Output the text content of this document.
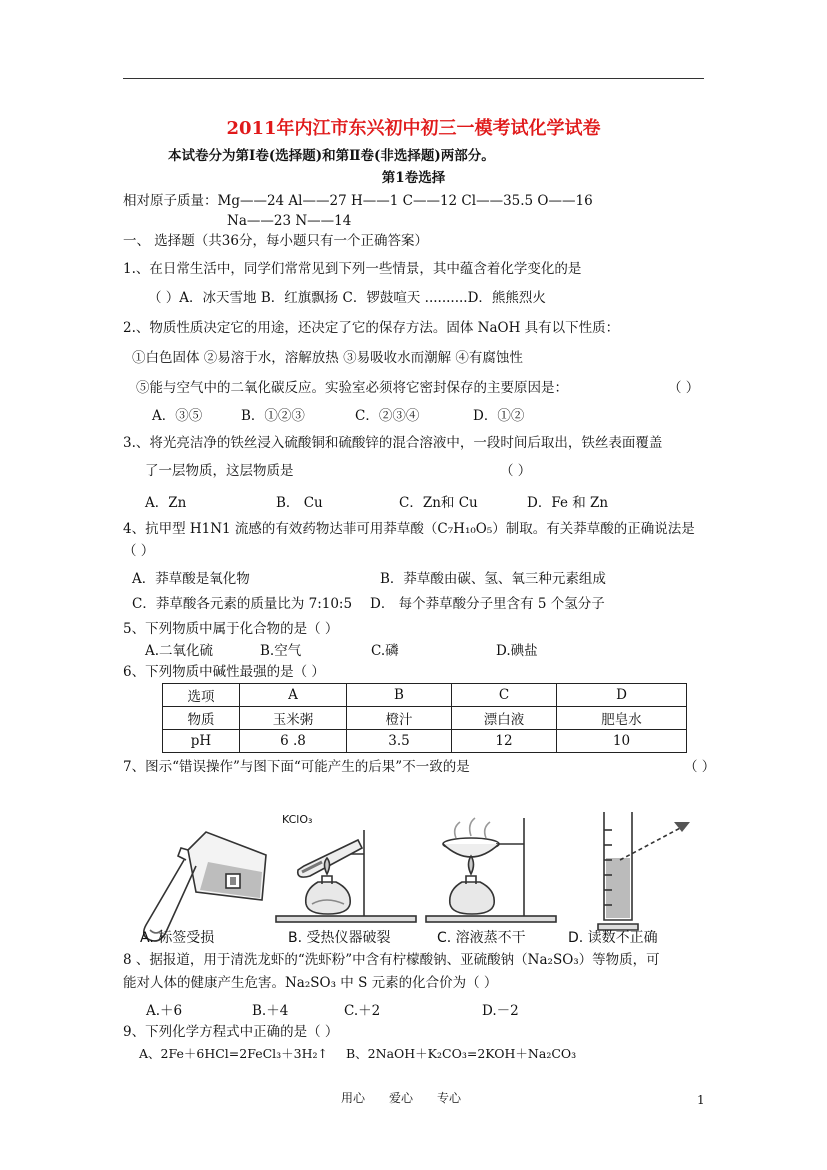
2011年内江市东兴初中初三一模考试化学试卷
本试卷分为第Ⅰ卷(选择题)和第Ⅱ卷(非选择题)两部分。
第1卷选择
相对原子质量：Mg——24 Al——27 H——1 C——12 Cl——35.5 O——16
Na——23 N——14
一、 选择题（共36分，每小题只有一个正确答案）
1.、在日常生活中，同学们常常见到下列一些情景，其中蕴含着化学变化的是
（ ）A．冰天雪地 B．红旗飘扬 C．锣鼓喧天 ..........D．熊熊烈火
2.、物质性质决定它的用途，还决定了它的保存方法。固体 NaOH 具有以下性质：
①白色固体 ②易溶于水，溶解放热 ③易吸收水而潮解 ④有腐蚀性
⑤能与空气中的二氧化碳反应。实验室必须将它密封保存的主要原因是：	（ ）
A．③⑤	B．①②③	C．②③④	D．①②
3.、将光亮洁净的铁丝浸入硫酸铜和硫酸锌的混合溶液中，一段时间后取出，铁丝表面覆盖
了一层物质，这层物质是	（ ）
A．Zn	B． Cu	C．Zn和 Cu	D．Fe 和 Zn
4、抗甲型 H1N1 流感的有效药物达菲可用莽草酸（C₇H₁₀O₅）制取。有关莽草酸的正确说法是
（ ）
A．莽草酸是氧化物	B．莽草酸由碳、氢、氧三种元素组成
C．莽草酸各元素的质量比为 7:10:5 D． 每个莽草酸分子里含有 5 个氢分子
5、下列物质中属于化合物的是（ ）
A.二氧化硫	B.空气	C.磷	D.碘盐
6、下列物质中碱性最强的是（ ）
选项	A	B	C	D
物质	玉米粥	橙汁	漂白液	肥皂水
pH	6 .8	3.5	12	10
7、图示“错误操作”与图下面“可能产生的后果”不一致的是	（ ）
KClO₃
A. 标签受损	B. 受热仪器破裂	C. 溶液蒸不干	D. 读数不正确
8 、据报道，用于清洗龙虾的“洗虾粉”中含有柠檬酸钠、亚硫酸钠（Na₂SO₃）等物质，可
能对人体的健康产生危害。Na₂SO₃ 中 S 元素的化合价为（ ）
A.＋6	B.＋4	C.＋2	D.－2
9、下列化学方程式中正确的是（ ）
A、2Fe＋6HCl=2FeCl₃＋3H₂↑ B、2NaOH＋K₂CO₃=2KOH＋Na₂CO₃
用心 爱心 专心	1
